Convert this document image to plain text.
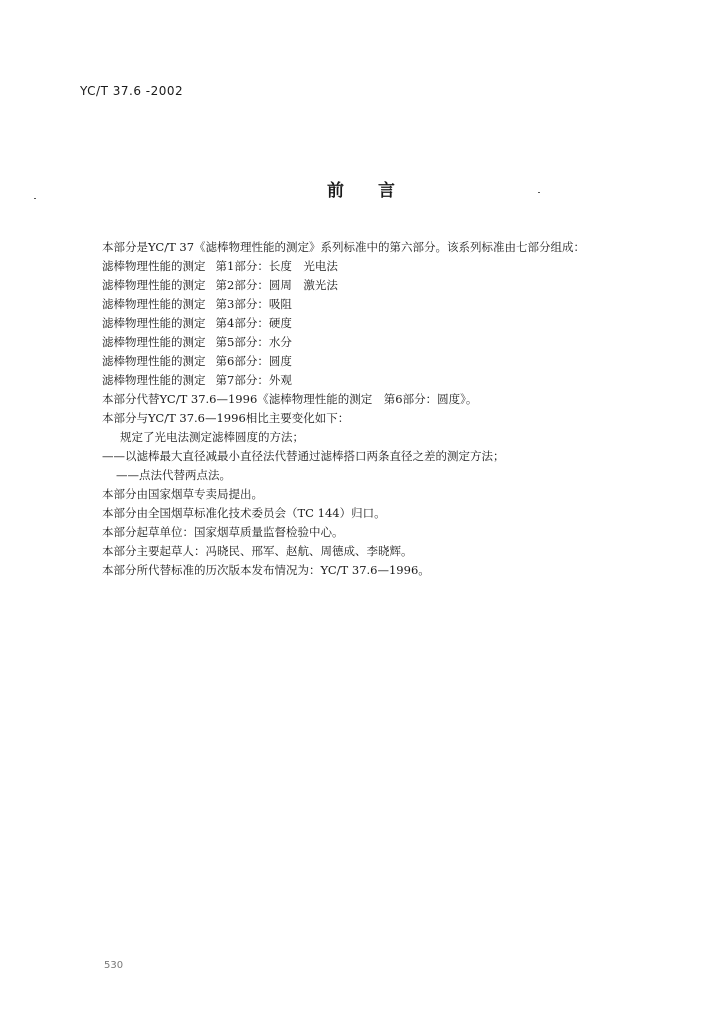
YC/T 37.6 -2002
前言

本部分是YC/T 37《滤棒物理性能的测定》系列标准中的第六部分。该系列标准由七部分组成：

滤棒物理性能的测定 第1部分：长度　光电法

滤棒物理性能的测定 第2部分：圆周　激光法

滤棒物理性能的测定 第3部分：吸阻

滤棒物理性能的测定 第4部分：硬度

滤棒物理性能的测定 第5部分：水分

滤棒物理性能的测定 第6部分：圆度

滤棒物理性能的测定 第7部分：外观

本部分代替YC/T 37.6—1996《滤棒物理性能的测定　第6部分：圆度》。

本部分与YC/T 37.6—1996相比主要变化如下：

规定了光电法测定滤棒圆度的方法；

——以滤棒最大直径减最小直径法代替通过滤棒搭口两条直径之差的测定方法；

——点法代替两点法。

本部分由国家烟草专卖局提出。

本部分由全国烟草标准化技术委员会（TC 144）归口。

本部分起草单位：国家烟草质量监督检验中心。

本部分主要起草人：冯晓民、邢军、赵航、周德成、李晓辉。

本部分所代替标准的历次版本发布情况为：YC/T 37.6—1996。

530
